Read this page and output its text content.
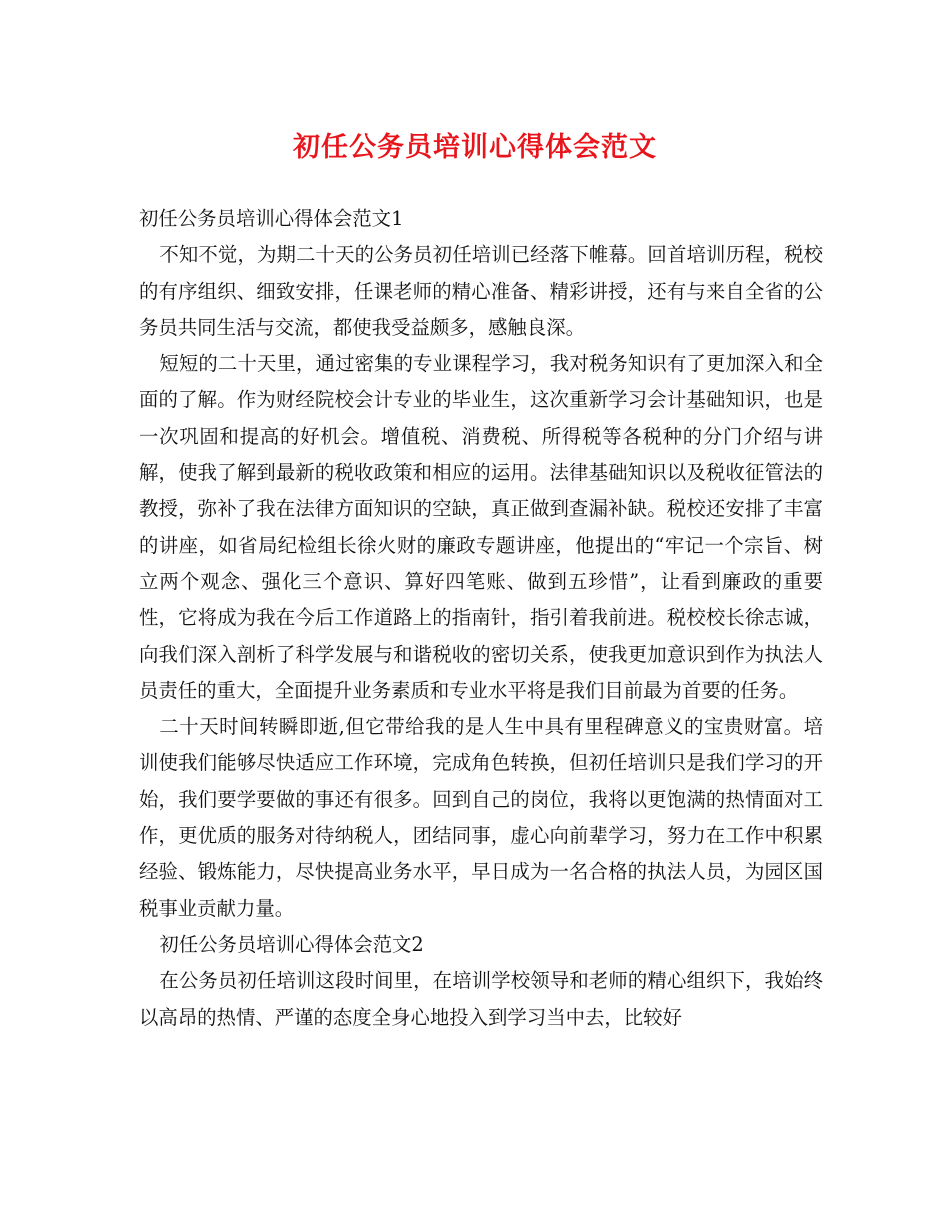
初任公务员培训心得体会范文

初任公务员培训心得体会范文1

不知不觉，为期二十天的公务员初任培训已经落下帷幕。回首培训历程，税校的有序组织、细致安排，任课老师的精心准备、精彩讲授，还有与来自全省的公务员共同生活与交流，都使我受益颇多，感触良深。

短短的二十天里，通过密集的专业课程学习，我对税务知识有了更加深入和全面的了解。作为财经院校会计专业的毕业生，这次重新学习会计基础知识，也是一次巩固和提高的好机会。增值税、消费税、所得税等各税种的分门介绍与讲解，使我了解到最新的税收政策和相应的运用。法律基础知识以及税收征管法的教授，弥补了我在法律方面知识的空缺，真正做到查漏补缺。税校还安排了丰富的讲座，如省局纪检组长徐火财的廉政专题讲座，他提出的“牢记一个宗旨、树立两个观念、强化三个意识、算好四笔账、做到五珍惜”，让看到廉政的重要性，它将成为我在今后工作道路上的指南针，指引着我前进。税校校长徐志诚，向我们深入剖析了科学发展与和谐税收的密切关系，使我更加意识到作为执法人员责任的重大，全面提升业务素质和专业水平将是我们目前最为首要的任务。

二十天时间转瞬即逝,但它带给我的是人生中具有里程碑意义的宝贵财富。培训使我们能够尽快适应工作环境，完成角色转换，但初任培训只是我们学习的开始，我们要学要做的事还有很多。回到自己的岗位，我将以更饱满的热情面对工作，更优质的服务对待纳税人，团结同事，虚心向前辈学习，努力在工作中积累经验、锻炼能力，尽快提高业务水平，早日成为一名合格的执法人员，为园区国税事业贡献力量。

初任公务员培训心得体会范文2

在公务员初任培训这段时间里，在培训学校领导和老师的精心组织下，我始终以高昂的热情、严谨的态度全身心地投入到学习当中去，比较好
